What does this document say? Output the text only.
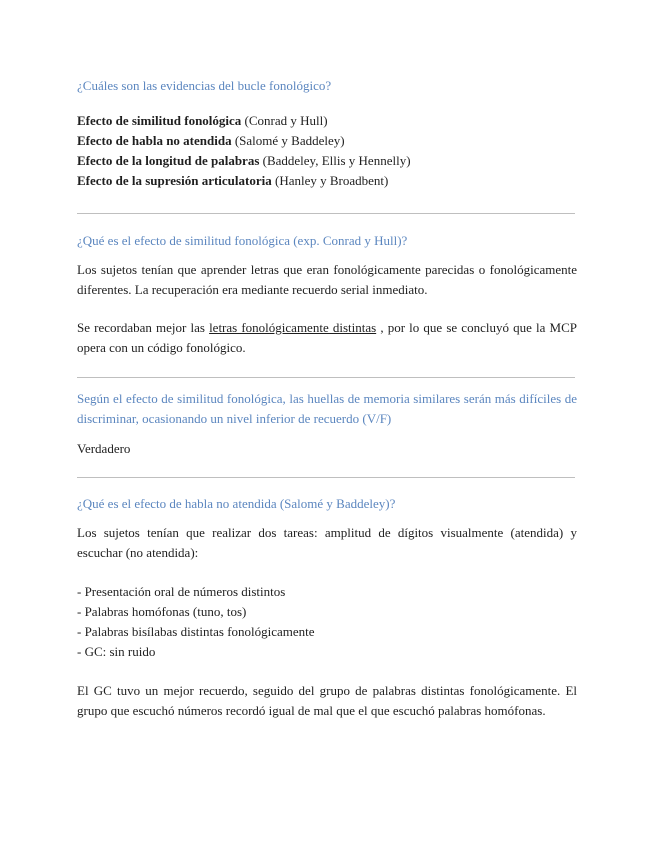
¿Cuáles son las evidencias del bucle fonológico?

Efecto de similitud fonológica (Conrad y Hull)

Efecto de habla no atendida (Salomé y Baddeley)

Efecto de la longitud de palabras (Baddeley, Ellis y Hennelly)

Efecto de la supresión articulatoria (Hanley y Broadbent)

¿Qué es el efecto de similitud fonológica (exp. Conrad y Hull)?

Los sujetos tenían que aprender letras que eran fonológicamente parecidas o fonológicamente diferentes. La recuperación era mediante recuerdo serial inmediato.

Se recordaban mejor las letras fonológicamente distintas , por lo que se concluyó que la MCP opera con un código fonológico.

Según el efecto de similitud fonológica, las huellas de memoria similares serán más difíciles de discriminar, ocasionando un nivel inferior de recuerdo (V/F)

Verdadero

¿Qué es el efecto de habla no atendida (Salomé y Baddeley)?

Los sujetos tenían que realizar dos tareas: amplitud de dígitos visualmente (atendida) y escuchar (no atendida):

- Presentación oral de números distintos

- Palabras homófonas (tuno, tos)

- Palabras bisílabas distintas fonológicamente

- GC: sin ruido

El GC tuvo un mejor recuerdo, seguido del grupo de palabras distintas fonológicamente. El grupo que escuchó números recordó igual de mal que el que escuchó palabras homófonas.
